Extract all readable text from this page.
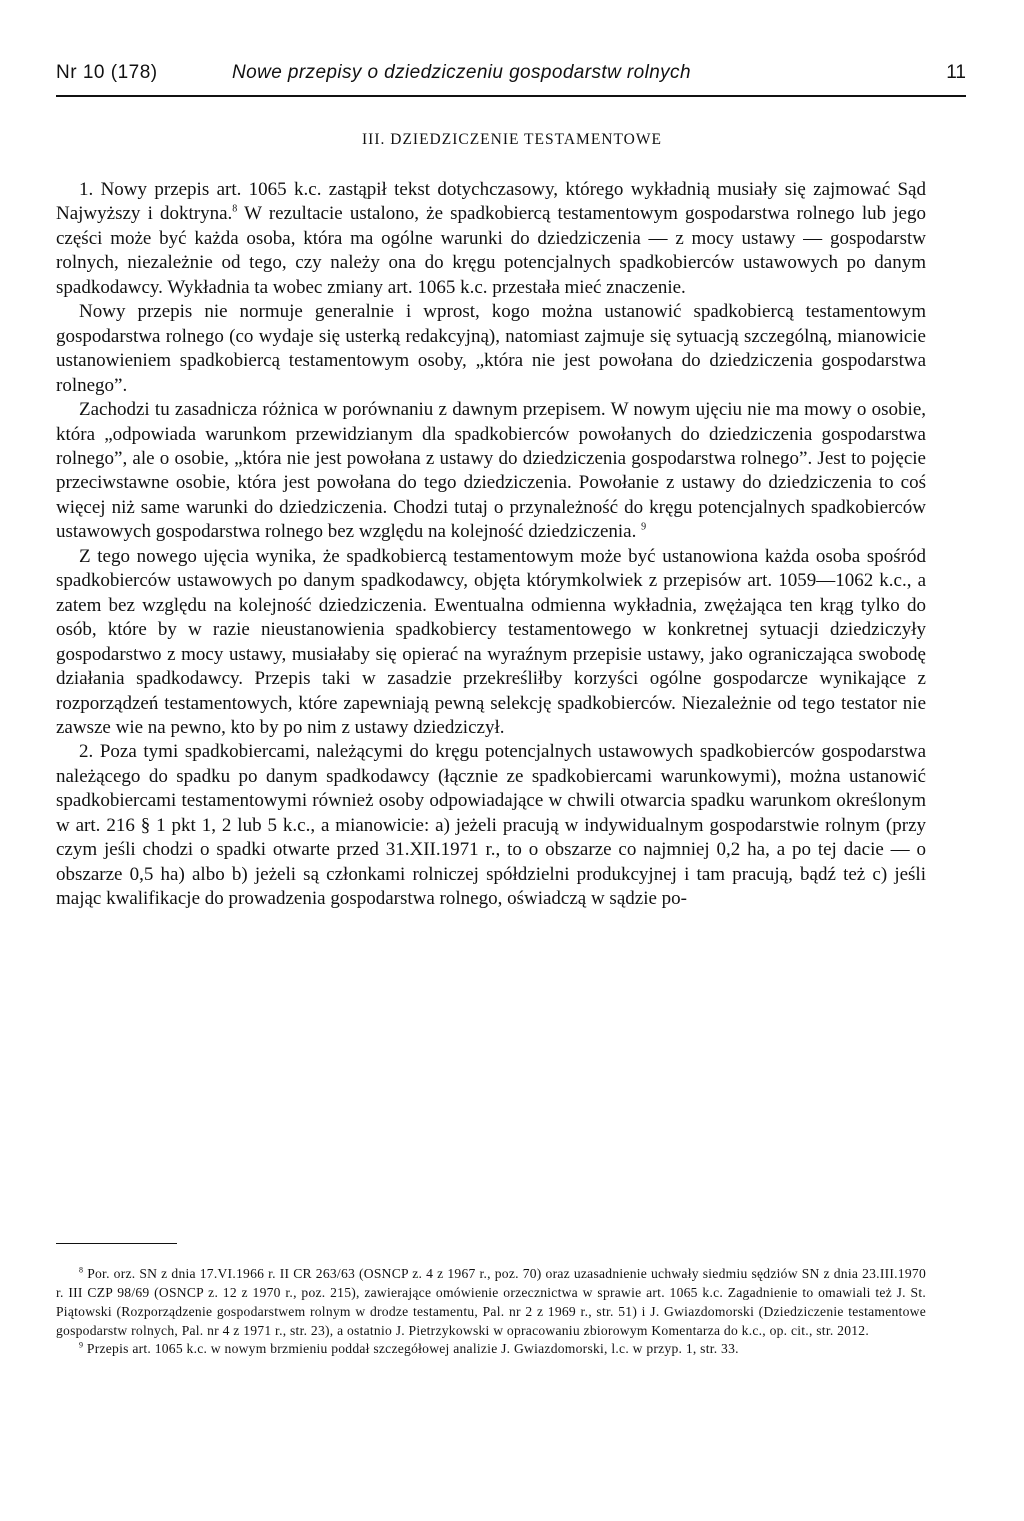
Nr 10 (178)	Nowe przepisy o dziedziczeniu gospodarstw rolnych	11
III. DZIEDZICZENIE TESTAMENTOWE

1. Nowy przepis art. 1065 k.c. zastąpił tekst dotychczasowy, którego wykładnią musiały się zajmować Sąd Najwyższy i doktryna.$^8$ W rezultacie ustalono, że spadkobiercą testamentowym gospodarstwa rolnego lub jego części może być każda osoba, która ma ogólne warunki do dziedziczenia — z mocy ustawy — gospodarstw rolnych, niezależnie od tego, czy należy ona do kręgu potencjalnych spadkobierców ustawowych po danym spadkodawcy. Wykładnia ta wobec zmiany art. 1065 k.c. przestała mieć znaczenie.

Nowy przepis nie normuje generalnie i wprost, kogo można ustanowić spadkobiercą testamentowym gospodarstwa rolnego (co wydaje się usterką redakcyjną), natomiast zajmuje się sytuacją szczególną, mianowicie ustanowieniem spadkobiercą testamentowym osoby, „która nie jest powołana do dziedziczenia gospodarstwa rolnego”.

Zachodzi tu zasadnicza różnica w porównaniu z dawnym przepisem. W nowym ujęciu nie ma mowy o osobie, która „odpowiada warunkom przewidzianym dla spadkobierców powołanych do dziedziczenia gospodarstwa rolnego”, ale o osobie, „która nie jest powołana z ustawy do dziedziczenia gospodarstwa rolnego”. Jest to pojęcie przeciwstawne osobie, która jest powołana do tego dziedziczenia. Powołanie z ustawy do dziedziczenia to coś więcej niż same warunki do dziedziczenia. Chodzi tutaj o przynależność do kręgu potencjalnych spadkobierców ustawowych gospodarstwa rolnego bez względu na kolejność dziedziczenia. $^9$

Z tego nowego ujęcia wynika, że spadkobiercą testamentowym może być ustanowiona każda osoba spośród spadkobierców ustawowych po danym spadkodawcy, objęta którymkolwiek z przepisów art. 1059—1062 k.c., a zatem bez względu na kolejność dziedziczenia. Ewentualna odmienna wykładnia, zwężająca ten krąg tylko do osób, które by w razie nieustanowienia spadkobiercy testamentowego w konkretnej sytuacji dziedziczyły gospodarstwo z mocy ustawy, musiałaby się opierać na wyraźnym przepisie ustawy, jako ograniczająca swobodę działania spadkodawcy. Przepis taki w zasadzie przekreśliłby korzyści ogólne gospodarcze wynikające z rozporządzeń testamentowych, które zapewniają pewną selekcję spadkobierców. Niezależnie od tego testator nie zawsze wie na pewno, kto by po nim z ustawy dziedziczył.

2. Poza tymi spadkobiercami, należącymi do kręgu potencjalnych ustawowych spadkobierców gospodarstwa należącego do spadku po danym spadkodawcy (łącznie ze spadkobiercami warunkowymi), można ustanowić spadkobiercami testamentowymi również osoby odpowiadające w chwili otwarcia spadku warunkom określonym w art. 216 § 1 pkt 1, 2 lub 5 k.c., a mianowicie: a) jeżeli pracują w indywidualnym gospodarstwie rolnym (przy czym jeśli chodzi o spadki otwarte przed 31.XII.1971 r., to o obszarze co najmniej 0,2 ha, a po tej dacie — o obszarze 0,5 ha) albo b) jeżeli są członkami rolniczej spółdzielni produkcyjnej i tam pracują, bądź też c) jeśli mając kwalifikacje do prowadzenia gospodarstwa rolnego, oświadczą w sądzie po-

$^8$ Por. orz. SN z dnia 17.VI.1966 r. II CR 263/63 (OSNCP z. 4 z 1967 r., poz. 70) oraz uzasadnienie uchwały siedmiu sędziów SN z dnia 23.III.1970 r. III CZP 98/69 (OSNCP z. 12 z 1970 r., poz. 215), zawierające omówienie orzecznictwa w sprawie art. 1065 k.c. Zagadnienie to omawiali też J. St. Piątowski (Rozporządzenie gospodarstwem rolnym w drodze testamentu, Pal. nr 2 z 1969 r., str. 51) i J. Gwiazdomorski (Dziedziczenie testamentowe gospodarstw rolnych, Pal. nr 4 z 1971 r., str. 23), a ostatnio J. Pietrzykowski w opracowaniu zbiorowym Komentarza do k.c., op. cit., str. 2012.

$^9$ Przepis art. 1065 k.c. w nowym brzmieniu poddał szczegółowej analizie J. Gwiazdomorski, l.c. w przyp. 1, str. 33.
